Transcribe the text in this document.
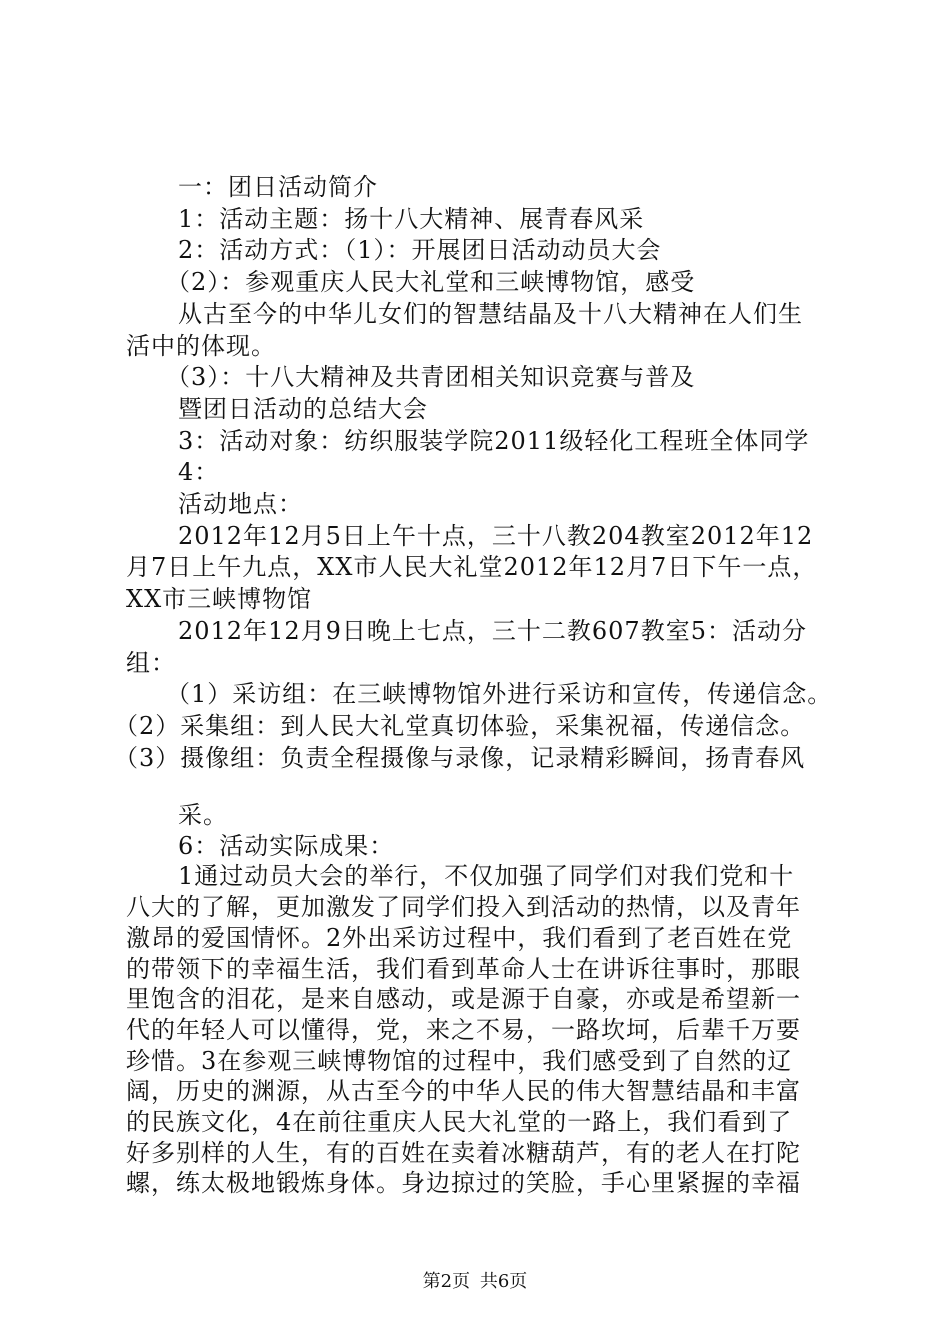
一：团日活动简介
1：活动主题：扬十八大精神、展青春风采
2：活动方式：（1）：开展团日活动动员大会
（2）：参观重庆人民大礼堂和三峡博物馆，感受
从古至今的中华儿女们的智慧结晶及十八大精神在人们生
活中的体现。
（3）：十八大精神及共青团相关知识竞赛与普及
暨团日活动的总结大会
3：活动对象：纺织服装学院2011级轻化工程班全体同学
4：
活动地点：
2012年12月5日上午十点，三十八教204教室2012年12
月7日上午九点，XX市人民大礼堂2012年12月7日下午一点，
XX市三峡博物馆
2012年12月9日晚上七点，三十二教607教室5：活动分
组：
（1）采访组：在三峡博物馆外进行采访和宣传，传递信念。
（2）采集组：到人民大礼堂真切体验，采集祝福，传递信念。
（3）摄像组：负责全程摄像与录像，记录精彩瞬间，扬青春风
采。
6：活动实际成果：
1通过动员大会的举行，不仅加强了同学们对我们党和十
八大的了解，更加激发了同学们投入到活动的热情，以及青年
激昂的爱国情怀。2外出采访过程中，我们看到了老百姓在党
的带领下的幸福生活，我们看到革命人士在讲诉往事时，那眼
里饱含的泪花，是来自感动，或是源于自豪，亦或是希望新一
代的年轻人可以懂得，党，来之不易，一路坎坷，后辈千万要
珍惜。3在参观三峡博物馆的过程中，我们感受到了自然的辽
阔，历史的渊源，从古至今的中华人民的伟大智慧结晶和丰富
的民族文化，4在前往重庆人民大礼堂的一路上，我们看到了
好多别样的人生，有的百姓在卖着冰糖葫芦，有的老人在打陀
螺，练太极地锻炼身体。身边掠过的笑脸，手心里紧握的幸福
第2页 共6页
